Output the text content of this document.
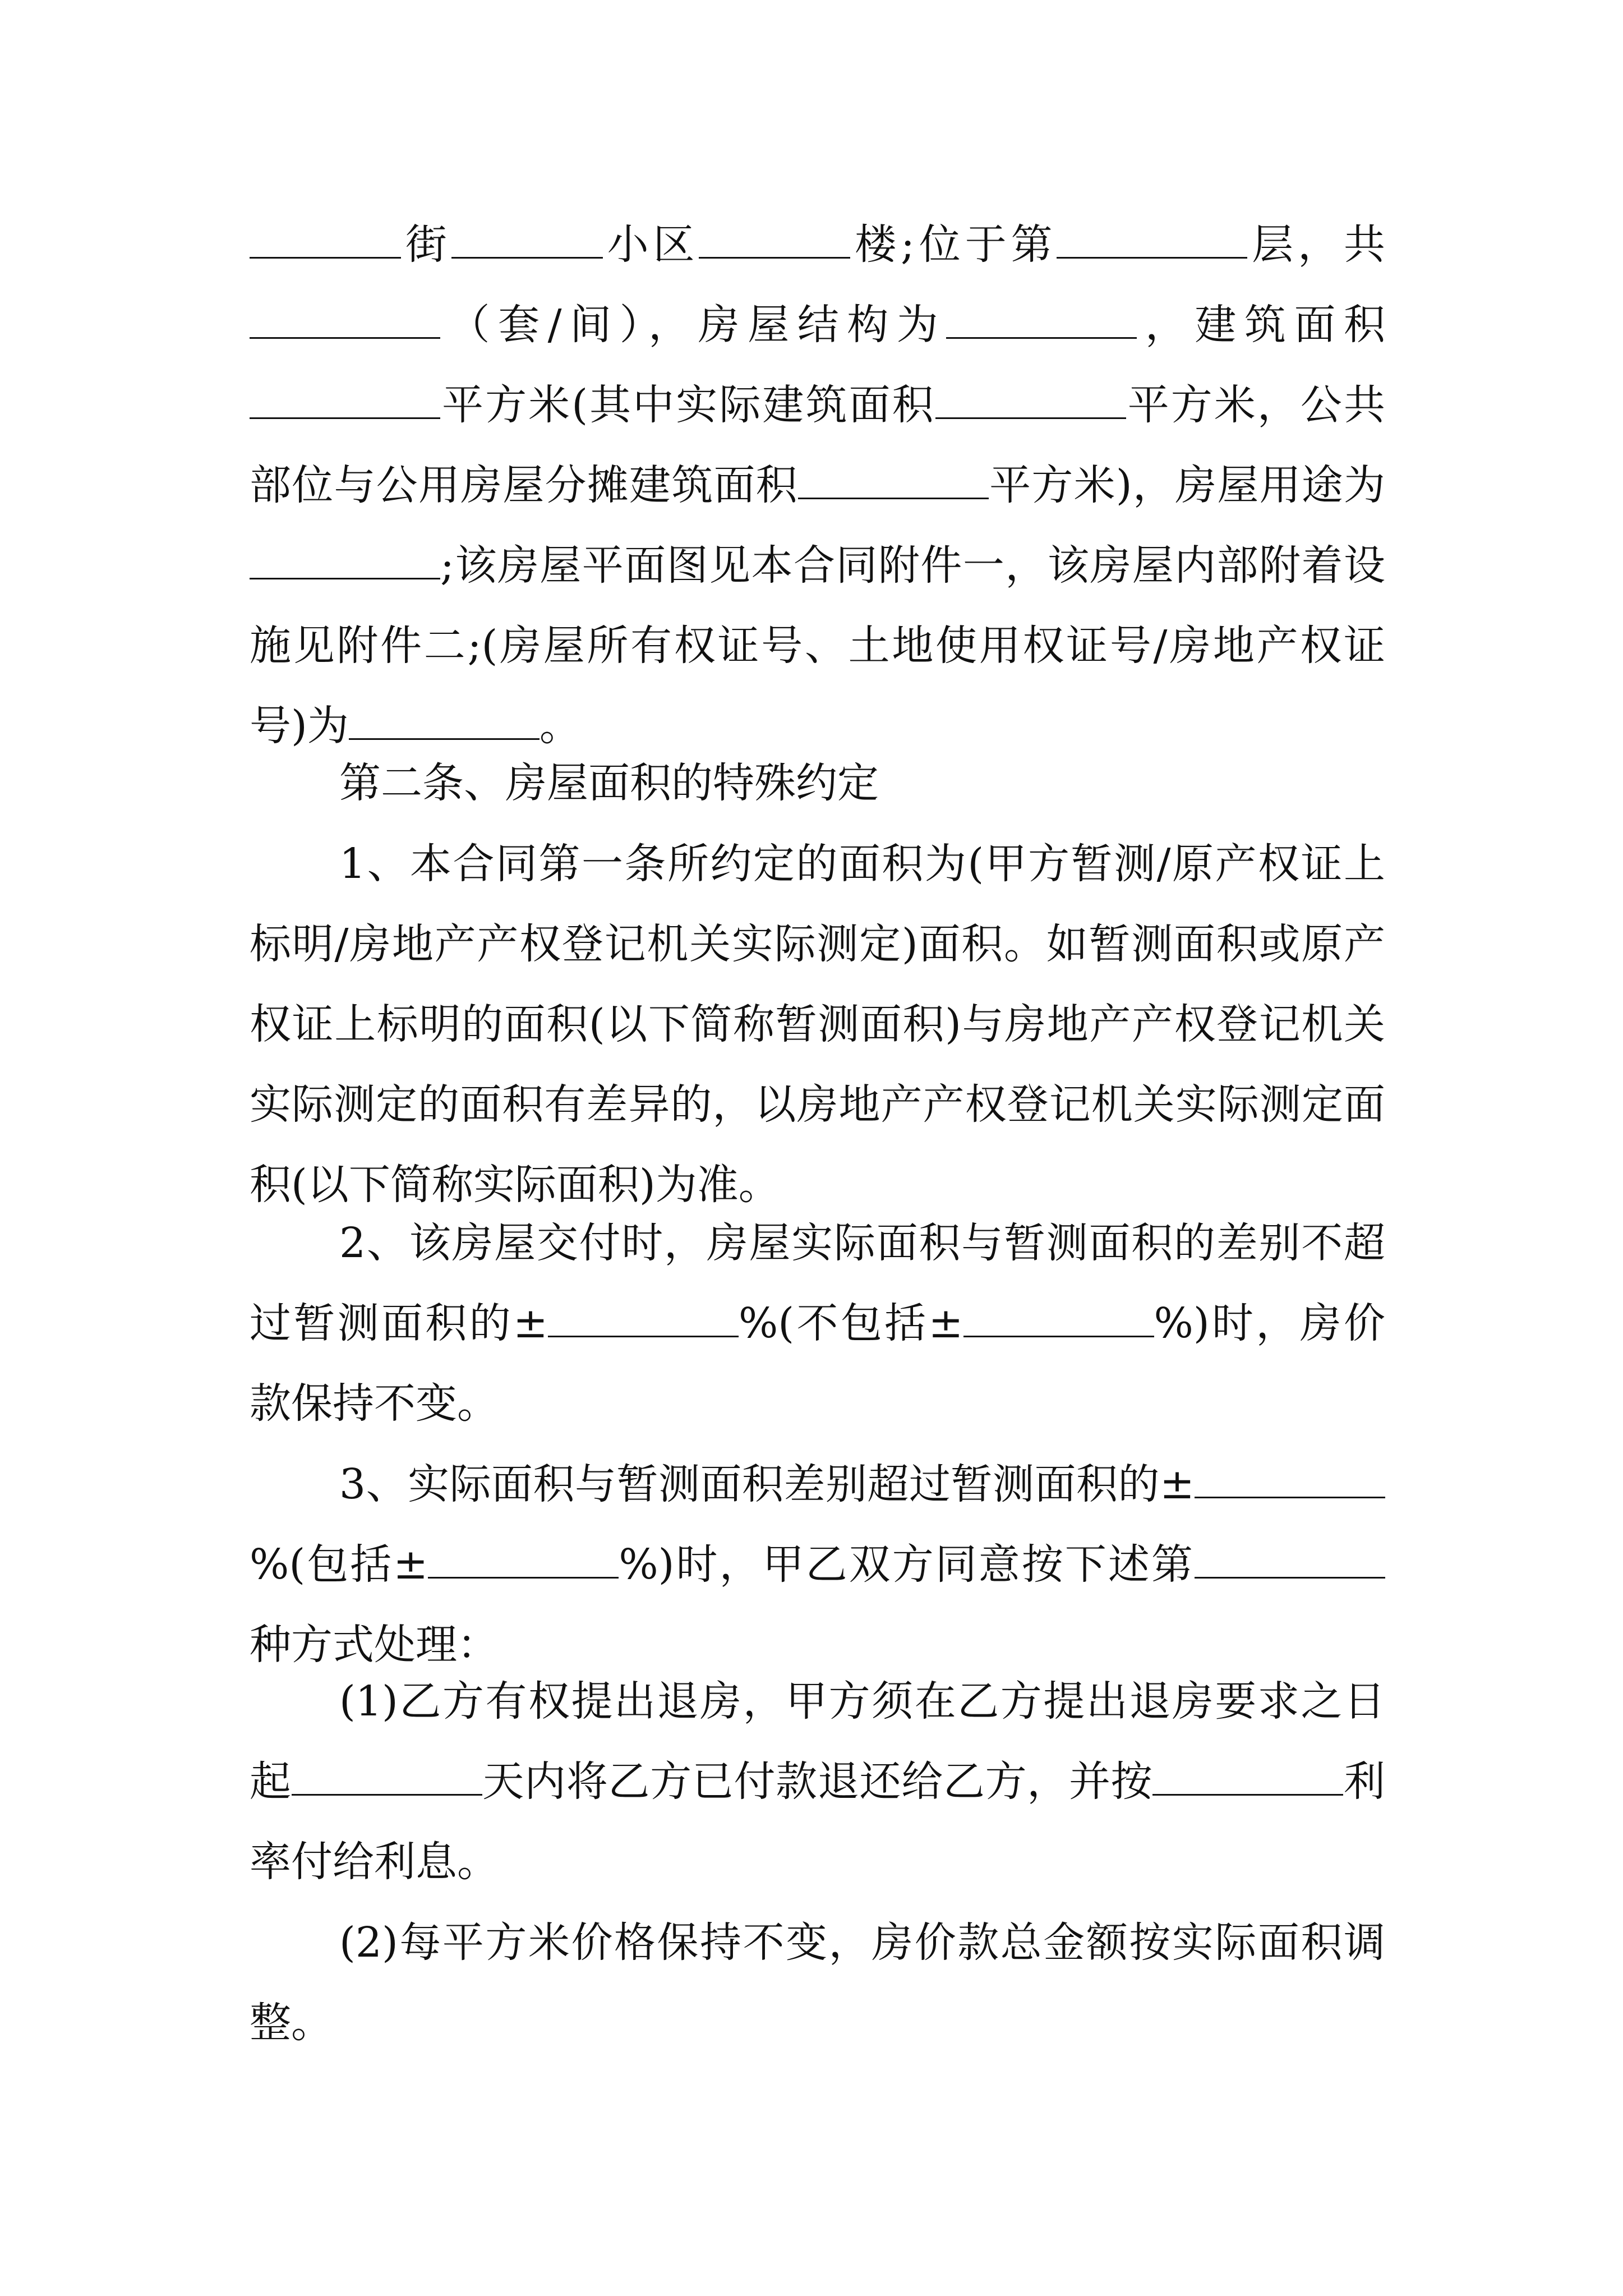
街	小区	楼;位于第	层，共（套/间），房屋结构为	，建筑面积平方米(其中实际建筑面积	平方米，公共部位与公用房屋分摊建筑面积	平方米)，房屋用途为;该房屋平面图见本合同附件一，该房屋内部附着设施见附件二;(房屋所有权证号、土地使用权证号/房地产权证号)为	。
第二条、房屋面积的特殊约定
1、本合同第一条所约定的面积为(甲方暂测/原产权证上标明/房地产产权登记机关实际测定)面积。如暂测面积或原产权证上标明的面积(以下简称暂测面积)与房地产产权登记机关实际测定的面积有差异的，以房地产产权登记机关实际测定面积(以下简称实际面积)为准。
2、该房屋交付时，房屋实际面积与暂测面积的差别不超过暂测面积的±	%(不包括±	%)时，房价款保持不变。
3、实际面积与暂测面积差别超过暂测面积的±%(包括±	%)时，甲乙双方同意按下述第种方式处理：
(1)乙方有权提出退房，甲方须在乙方提出退房要求之日起	天内将乙方已付款退还给乙方，并按	利率付给利息。
(2)每平方米价格保持不变，房价款总金额按实际面积调整。
